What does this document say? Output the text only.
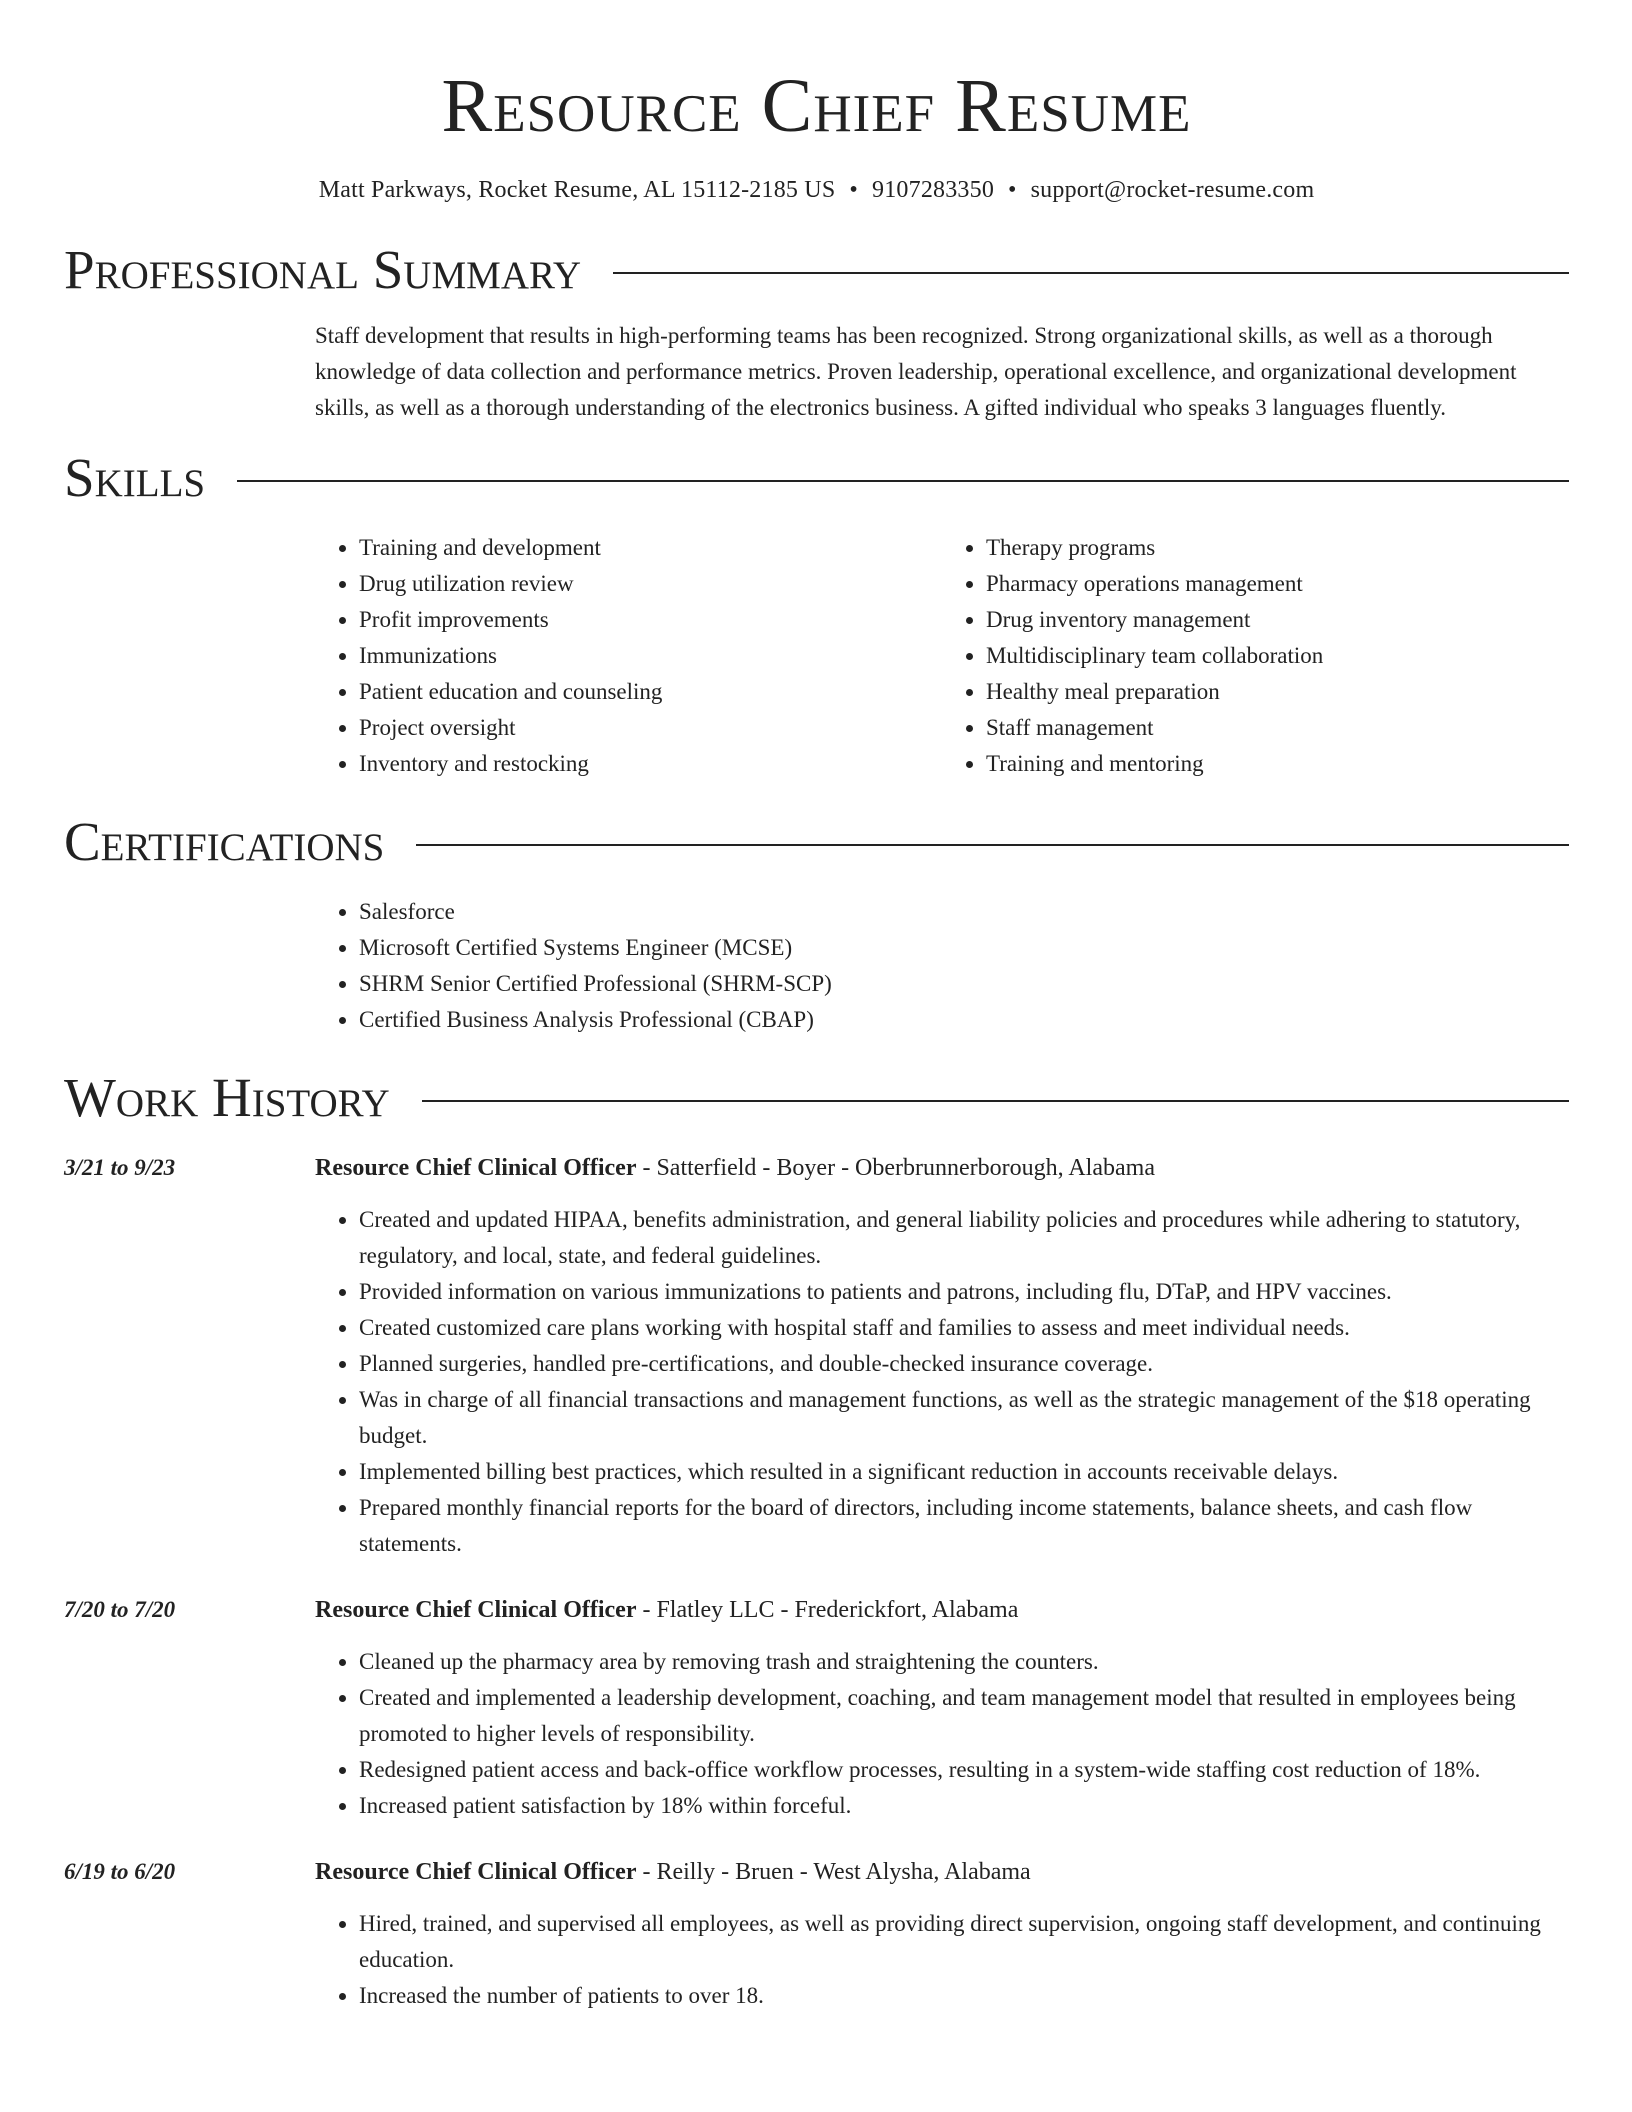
Resource Chief Resume
Matt Parkways, Rocket Resume, AL 15112-2185 US • 9107283350 • support@rocket-resume.com
Professional Summary
Staff development that results in high-performing teams has been recognized. Strong organizational skills, as well as a thorough knowledge of data collection and performance metrics. Proven leadership, operational excellence, and organizational development skills, as well as a thorough understanding of the electronics business. A gifted individual who speaks 3 languages fluently.
Skills
• Training and development
• Drug utilization review
• Profit improvements
• Immunizations
• Patient education and counseling
• Project oversight
• Inventory and restocking
• Therapy programs
• Pharmacy operations management
• Drug inventory management
• Multidisciplinary team collaboration
• Healthy meal preparation
• Staff management
• Training and mentoring
Certifications
• Salesforce
• Microsoft Certified Systems Engineer (MCSE)
• SHRM Senior Certified Professional (SHRM-SCP)
• Certified Business Analysis Professional (CBAP)
Work History
3/21 to 9/23	Resource Chief Clinical Officer - Satterfield - Boyer - Oberbrunnerborough, Alabama
• Created and updated HIPAA, benefits administration, and general liability policies and procedures while adhering to statutory, regulatory, and local, state, and federal guidelines.
• Provided information on various immunizations to patients and patrons, including flu, DTaP, and HPV vaccines.
• Created customized care plans working with hospital staff and families to assess and meet individual needs.
• Planned surgeries, handled pre-certifications, and double-checked insurance coverage.
• Was in charge of all financial transactions and management functions, as well as the strategic management of the $18 operating budget.
• Implemented billing best practices, which resulted in a significant reduction in accounts receivable delays.
• Prepared monthly financial reports for the board of directors, including income statements, balance sheets, and cash flow statements.
7/20 to 7/20	Resource Chief Clinical Officer - Flatley LLC - Frederickfort, Alabama
• Cleaned up the pharmacy area by removing trash and straightening the counters.
• Created and implemented a leadership development, coaching, and team management model that resulted in employees being promoted to higher levels of responsibility.
• Redesigned patient access and back-office workflow processes, resulting in a system-wide staffing cost reduction of 18%.
• Increased patient satisfaction by 18% within forceful.
6/19 to 6/20	Resource Chief Clinical Officer - Reilly - Bruen - West Alysha, Alabama
• Hired, trained, and supervised all employees, as well as providing direct supervision, ongoing staff development, and continuing education.
• Increased the number of patients to over 18.
